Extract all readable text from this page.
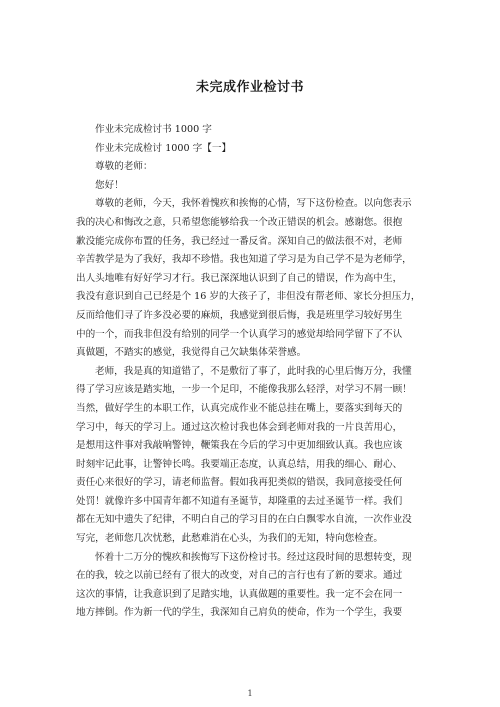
未完成作业检讨书
作业未完成检讨书 1000 字
作业未完成检讨 1000 字【一】
尊敬的老师：
您好！
尊敬的老师，今天，我怀着愧疚和挨悔的心情，写下这份检查。以向您表示
我的决心和悔改之意，只希望您能够给我一个改正错误的机会。感谢您。很抱
歉没能完成你布置的任务，我已经过一番反省。深知自己的做法很不对，老师
辛苦教学是为了我好，我却不珍惜。我也知道了学习是为自己学不是为老师学，
出人头地唯有好好学习才行。我已深深地认识到了自己的错误，作为高中生，
我没有意识到自己已经是个 16 岁的大孩子了，非但没有帮老师、家长分担压力，
反而给他们寻了许多没必要的麻烦，我感觉到很后悔，我是班里学习较好男生
中的一个，而我非但没有给别的同学一个认真学习的感觉却给同学留下了不认
真做题，不踏实的感觉，我觉得自己欠缺集体荣誉感。
老师，我是真的知道错了，不是敷衍了事了，此时我的心里后悔万分，我懂
得了学习应该是踏实地，一步一个足印，不能像我那么轻浮，对学习不屑一顾！
当然，做好学生的本职工作，认真完成作业不能总挂在嘴上，要落实到每天的
学习中，每天的学习上。通过这次检讨我也体会到老师对我的一片良苦用心，
是想用这件事对我敲响警钟，鞭策我在今后的学习中更加细致认真。我也应该
时刻牢记此事，让警钟长鸣。我要端正态度，认真总结，用我的细心、耐心、
责任心来很好的学习，请老师监督。假如我再犯类似的错误，我同意接受任何
处罚！就像许多中国青年都不知道有圣诞节，却隆重的去过圣诞节一样。我们
都在无知中遗失了纪律，不明白自己的学习目的在白白飘零水自流，一次作业没
写完，老师您几次忧愁，此愁难消在心头，为我们的无知，特向您检查。
怀着十二万分的愧疚和挨悔写下这份检讨书。经过这段时间的思想转变，现
在的我，较之以前已经有了很大的改变，对自己的言行也有了新的要求。通过
这次的事情，让我意识到了足踏实地，认真做题的重要性。我一定不会在同一
地方摔倒。作为新一代的学生，我深知自己肩负的使命，作为一个学生，我要
1
